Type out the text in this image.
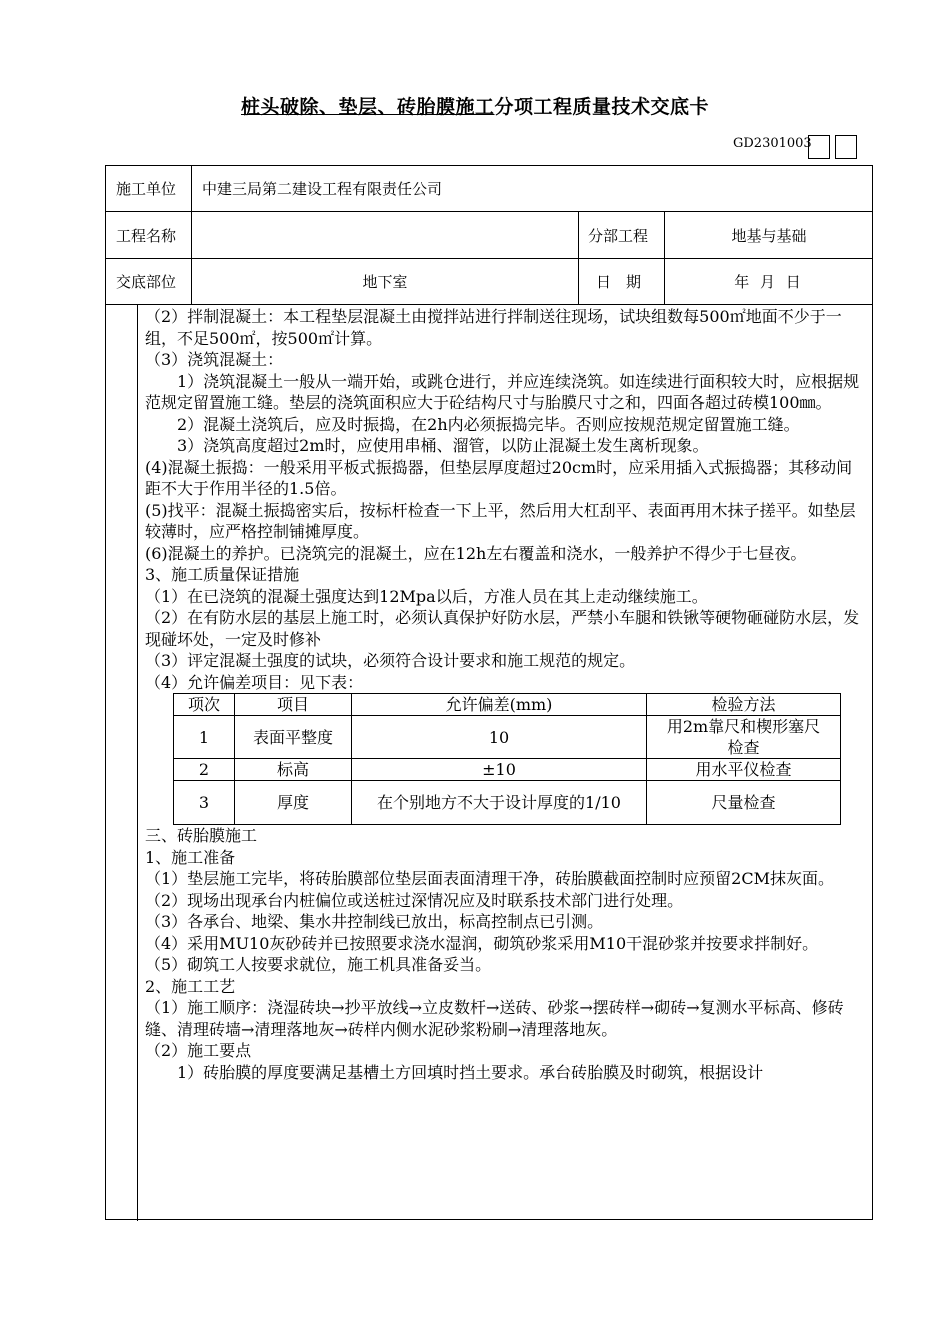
桩头破除、垫层、砖胎膜施工分项工程质量技术交底卡
GD2301003
施工单位 中建三局第二建设工程有限责任公司
工程名称	分部工程	地基与基础
交底部位	地下室	日　期	年 月 日

（2）拌制混凝土：本工程垫层混凝土由搅拌站进行拌制送往现场，试块组数每500㎡地面不少于一组，不足500㎡，按500㎡计算。

（3）浇筑混凝土：

1）浇筑混凝土一般从一端开始，或跳仓进行，并应连续浇筑。如连续进行面积较大时，应根据规范规定留置施工缝。垫层的浇筑面积应大于砼结构尺寸与胎膜尺寸之和，四面各超过砖模100㎜。

2）混凝土浇筑后，应及时振捣，在2h内必须振捣完毕。否则应按规范规定留置施工缝。

3）浇筑高度超过2m时，应使用串桶、溜管，以防止混凝土发生离析现象。

(4)混凝土振捣：一般采用平板式振捣器，但垫层厚度超过20cm时，应采用插入式振捣器；其移动间距不大于作用半径的1.5倍。

(5)找平：混凝土振捣密实后，按标杆检查一下上平，然后用大杠刮平、表面再用木抹子搓平。如垫层较薄时，应严格控制铺摊厚度。

(6)混凝土的养护。已浇筑完的混凝土，应在12h左右覆盖和浇水，一般养护不得少于七昼夜。

3、施工质量保证措施

（1）在已浇筑的混凝土强度达到12Mpa以后，方准人员在其上走动继续施工。

（2）在有防水层的基层上施工时，必须认真保护好防水层，严禁小车腿和铁锹等硬物砸碰防水层，发现碰坏处，一定及时修补

（3）评定混凝土强度的试块，必须符合设计要求和施工规范的规定。

（4）允许偏差项目：见下表：

项次	项目	允许偏差(mm)	检验方法
1	表面平整度	10	用2m靠尺和楔形塞尺检查
2	标高	±10	用水平仪检查
3	厚度	在个别地方不大于设计厚度的1/10	尺量检查

三、砖胎膜施工

1、施工准备

（1）垫层施工完毕，将砖胎膜部位垫层面表面清理干净，砖胎膜截面控制时应预留2CM抹灰面。

（2）现场出现承台内桩偏位或送桩过深情况应及时联系技术部门进行处理。

（3）各承台、地梁、集水井控制线已放出，标高控制点已引测。

（4）采用MU10灰砂砖并已按照要求浇水湿润，砌筑砂浆采用M10干混砂浆并按要求拌制好。

（5）砌筑工人按要求就位，施工机具准备妥当。

2、施工工艺

（1）施工顺序：浇湿砖块→抄平放线→立皮数杆→送砖、砂浆→摆砖样→砌砖→复测水平标高、修砖缝、清理砖墙→清理落地灰→砖样内侧水泥砂浆粉刷→清理落地灰。

（2）施工要点

1）砖胎膜的厚度要满足基槽土方回填时挡土要求。承台砖胎膜及时砌筑，根据设计
